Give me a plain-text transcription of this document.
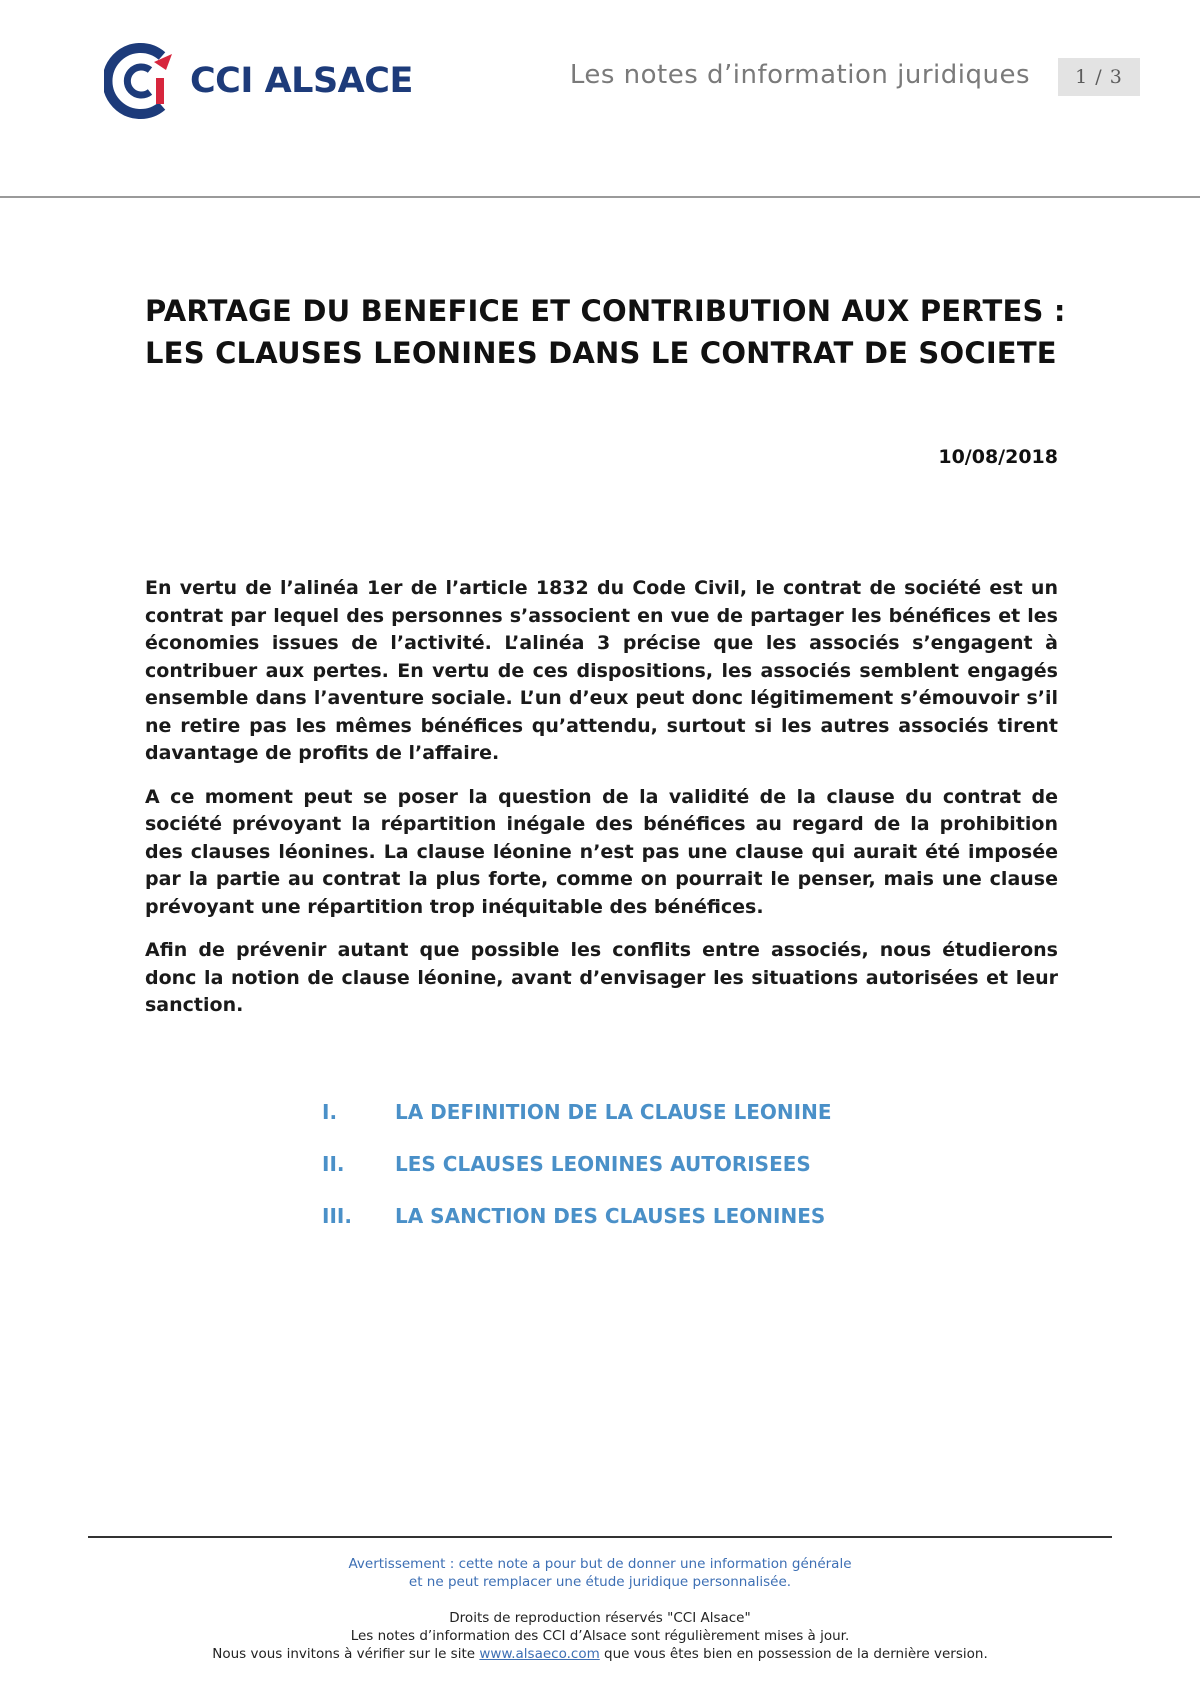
CCI ALSACE	Les notes d’information juridiques	1 / 3
PARTAGE DU BENEFICE ET CONTRIBUTION AUX PERTES :
LES CLAUSES LEONINES DANS LE CONTRAT DE SOCIETE
10/08/2018

En vertu de l’alinéa 1er de l’article 1832 du Code Civil, le contrat de société est un contrat par lequel des personnes s’associent en vue de partager les bénéfices et les économies issues de l’activité. L’alinéa 3 précise que les associés s’engagent à contribuer aux pertes. En vertu de ces dispositions, les associés semblent engagés ensemble dans l’aventure sociale. L’un d’eux peut donc légitimement s’émouvoir s’il ne retire pas les mêmes bénéfices qu’attendu, surtout si les autres associés tirent davantage de profits de l’affaire.

A ce moment peut se poser la question de la validité de la clause du contrat de société prévoyant la répartition inégale des bénéfices au regard de la prohibition des clauses léonines. La clause léonine n’est pas une clause qui aurait été imposée par la partie au contrat la plus forte, comme on pourrait le penser, mais une clause prévoyant une répartition trop inéquitable des bénéfices.

Afin de prévenir autant que possible les conflits entre associés, nous étudierons donc la notion de clause léonine, avant d’envisager les situations autorisées et leur sanction.

I.	LA DEFINITION DE LA CLAUSE LEONINE
II.	LES CLAUSES LEONINES AUTORISEES
III.	LA SANCTION DES CLAUSES LEONINES
Avertissement : cette note a pour but de donner une information générale
et ne peut remplacer une étude juridique personnalisée.
Droits de reproduction réservés "CCI Alsace"
Les notes d’information des CCI d’Alsace sont régulièrement mises à jour.
Nous vous invitons à vérifier sur le site www.alsaeco.com que vous êtes bien en possession de la dernière version.
